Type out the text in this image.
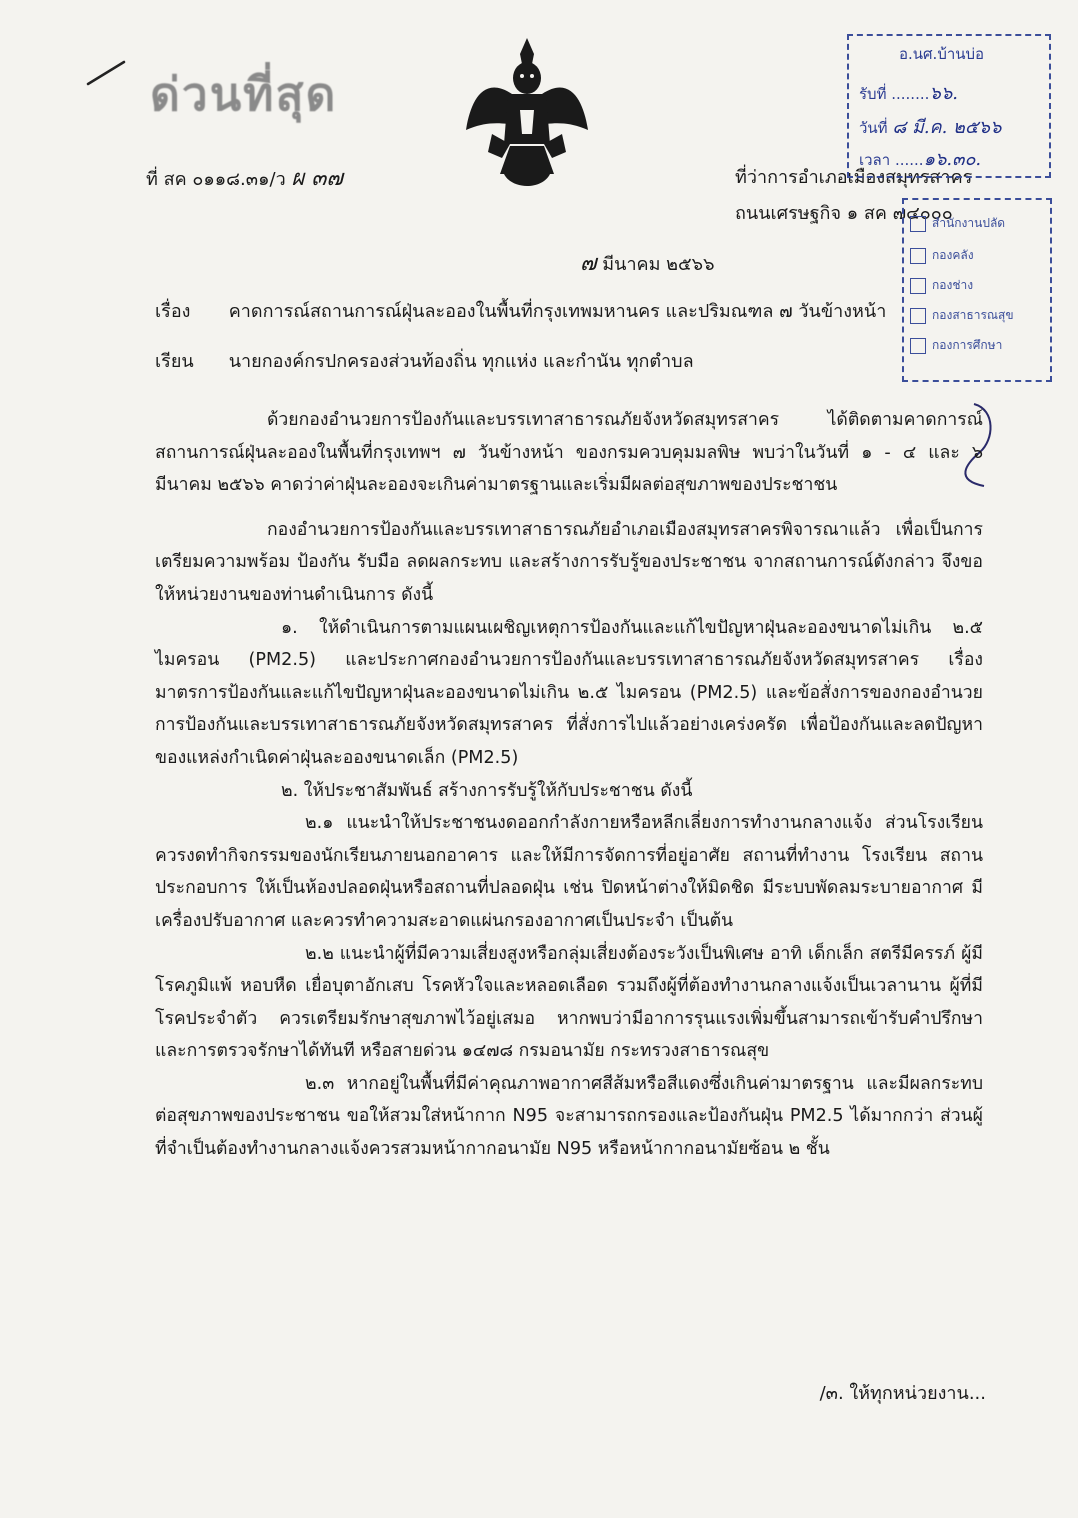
ด่วนที่สุด
ที่ สค ๐๑๑๘.๓๑/ว ผ ๓๗	ที่ว่าการอำเภอเมืองสมุทรสาคร
ถนนเศรษฐกิจ ๑ สค ๗๔๐๐๐
๗ มีนาคม ๒๕๖๖
อ.นศ.บ้านบ่อ
รับที่ ........๖๖.
วันที่ ๘ มี.ค. ๒๕๖๖
เวลา ......๑๖.๓๐.
สำนักงานปลัด
กองคลัง
กองช่าง
กองสาธารณสุข
กองการศึกษา
เรื่อง คาดการณ์สถานการณ์ฝุ่นละอองในพื้นที่กรุงเทพมหานคร และปริมณฑล ๗ วันข้างหน้า
เรียน นายกองค์กรปกครองส่วนท้องถิ่น ทุกแห่ง และกำนัน ทุกตำบล

ด้วยกองอำนวยการป้องกันและบรรเทาสาธารณภัยจังหวัดสมุทรสาคร ได้ติดตามคาดการณ์สถานการณ์ฝุ่นละอองในพื้นที่กรุงเทพฯ ๗ วันข้างหน้า ของกรมควบคุมมลพิษ พบว่าในวันที่ ๑ - ๔ และ ๖ มีนาคม ๒๕๖๖ คาดว่าค่าฝุ่นละอองจะเกินค่ามาตรฐานและเริ่มมีผลต่อสุขภาพของประชาชน

กองอำนวยการป้องกันและบรรเทาสาธารณภัยอำเภอเมืองสมุทรสาครพิจารณาแล้ว เพื่อเป็นการเตรียมความพร้อม ป้องกัน รับมือ ลดผลกระทบ และสร้างการรับรู้ของประชาชน จากสถานการณ์ดังกล่าว จึงขอให้หน่วยงานของท่านดำเนินการ ดังนี้

๑. ให้ดำเนินการตามแผนเผชิญเหตุการป้องกันและแก้ไขปัญหาฝุ่นละอองขนาดไม่เกิน ๒.๕ ไมครอน (PM2.5) และประกาศกองอำนวยการป้องกันและบรรเทาสาธารณภัยจังหวัดสมุทรสาคร เรื่อง มาตรการป้องกันและแก้ไขปัญหาฝุ่นละอองขนาดไม่เกิน ๒.๕ ไมครอน (PM2.5) และข้อสั่งการของกองอำนวยการป้องกันและบรรเทาสาธารณภัยจังหวัดสมุทรสาคร ที่สั่งการไปแล้วอย่างเคร่งครัด เพื่อป้องกันและลดปัญหาของแหล่งกำเนิดค่าฝุ่นละอองขนาดเล็ก (PM2.5)

๒. ให้ประชาสัมพันธ์ สร้างการรับรู้ให้กับประชาชน ดังนี้

๒.๑ แนะนำให้ประชาชนงดออกกำลังกายหรือหลีกเลี่ยงการทำงานกลางแจ้ง ส่วนโรงเรียนควรงดทำกิจกรรมของนักเรียนภายนอกอาคาร และให้มีการจัดการที่อยู่อาศัย สถานที่ทำงาน โรงเรียน สถานประกอบการ ให้เป็นห้องปลอดฝุ่นหรือสถานที่ปลอดฝุ่น เช่น ปิดหน้าต่างให้มิดชิด มีระบบพัดลมระบายอากาศ มีเครื่องปรับอากาศ และควรทำความสะอาดแผ่นกรองอากาศเป็นประจำ เป็นต้น

๒.๒ แนะนำผู้ที่มีความเสี่ยงสูงหรือกลุ่มเสี่ยงต้องระวังเป็นพิเศษ อาทิ เด็กเล็ก สตรีมีครรภ์ ผู้มีโรคภูมิแพ้ หอบหืด เยื่อบุตาอักเสบ โรคหัวใจและหลอดเลือด รวมถึงผู้ที่ต้องทำงานกลางแจ้งเป็นเวลานาน ผู้ที่มีโรคประจำตัว ควรเตรียมรักษาสุขภาพไว้อยู่เสมอ หากพบว่ามีอาการรุนแรงเพิ่มขึ้นสามารถเข้ารับคำปรึกษา และการตรวจรักษาได้ทันที หรือสายด่วน ๑๔๗๘ กรมอนามัย กระทรวงสาธารณสุข

๒.๓ หากอยู่ในพื้นที่มีค่าคุณภาพอากาศสีส้มหรือสีแดงซึ่งเกินค่ามาตรฐาน และมีผลกระทบต่อสุขภาพของประชาชน ขอให้สวมใส่หน้ากาก N95 จะสามารถกรองและป้องกันฝุ่น PM2.5 ได้มากกว่า ส่วนผู้ที่จำเป็นต้องทำงานกลางแจ้งควรสวมหน้ากากอนามัย N95 หรือหน้ากากอนามัยซ้อน ๒ ชั้น

/๓. ให้ทุกหน่วยงาน...
